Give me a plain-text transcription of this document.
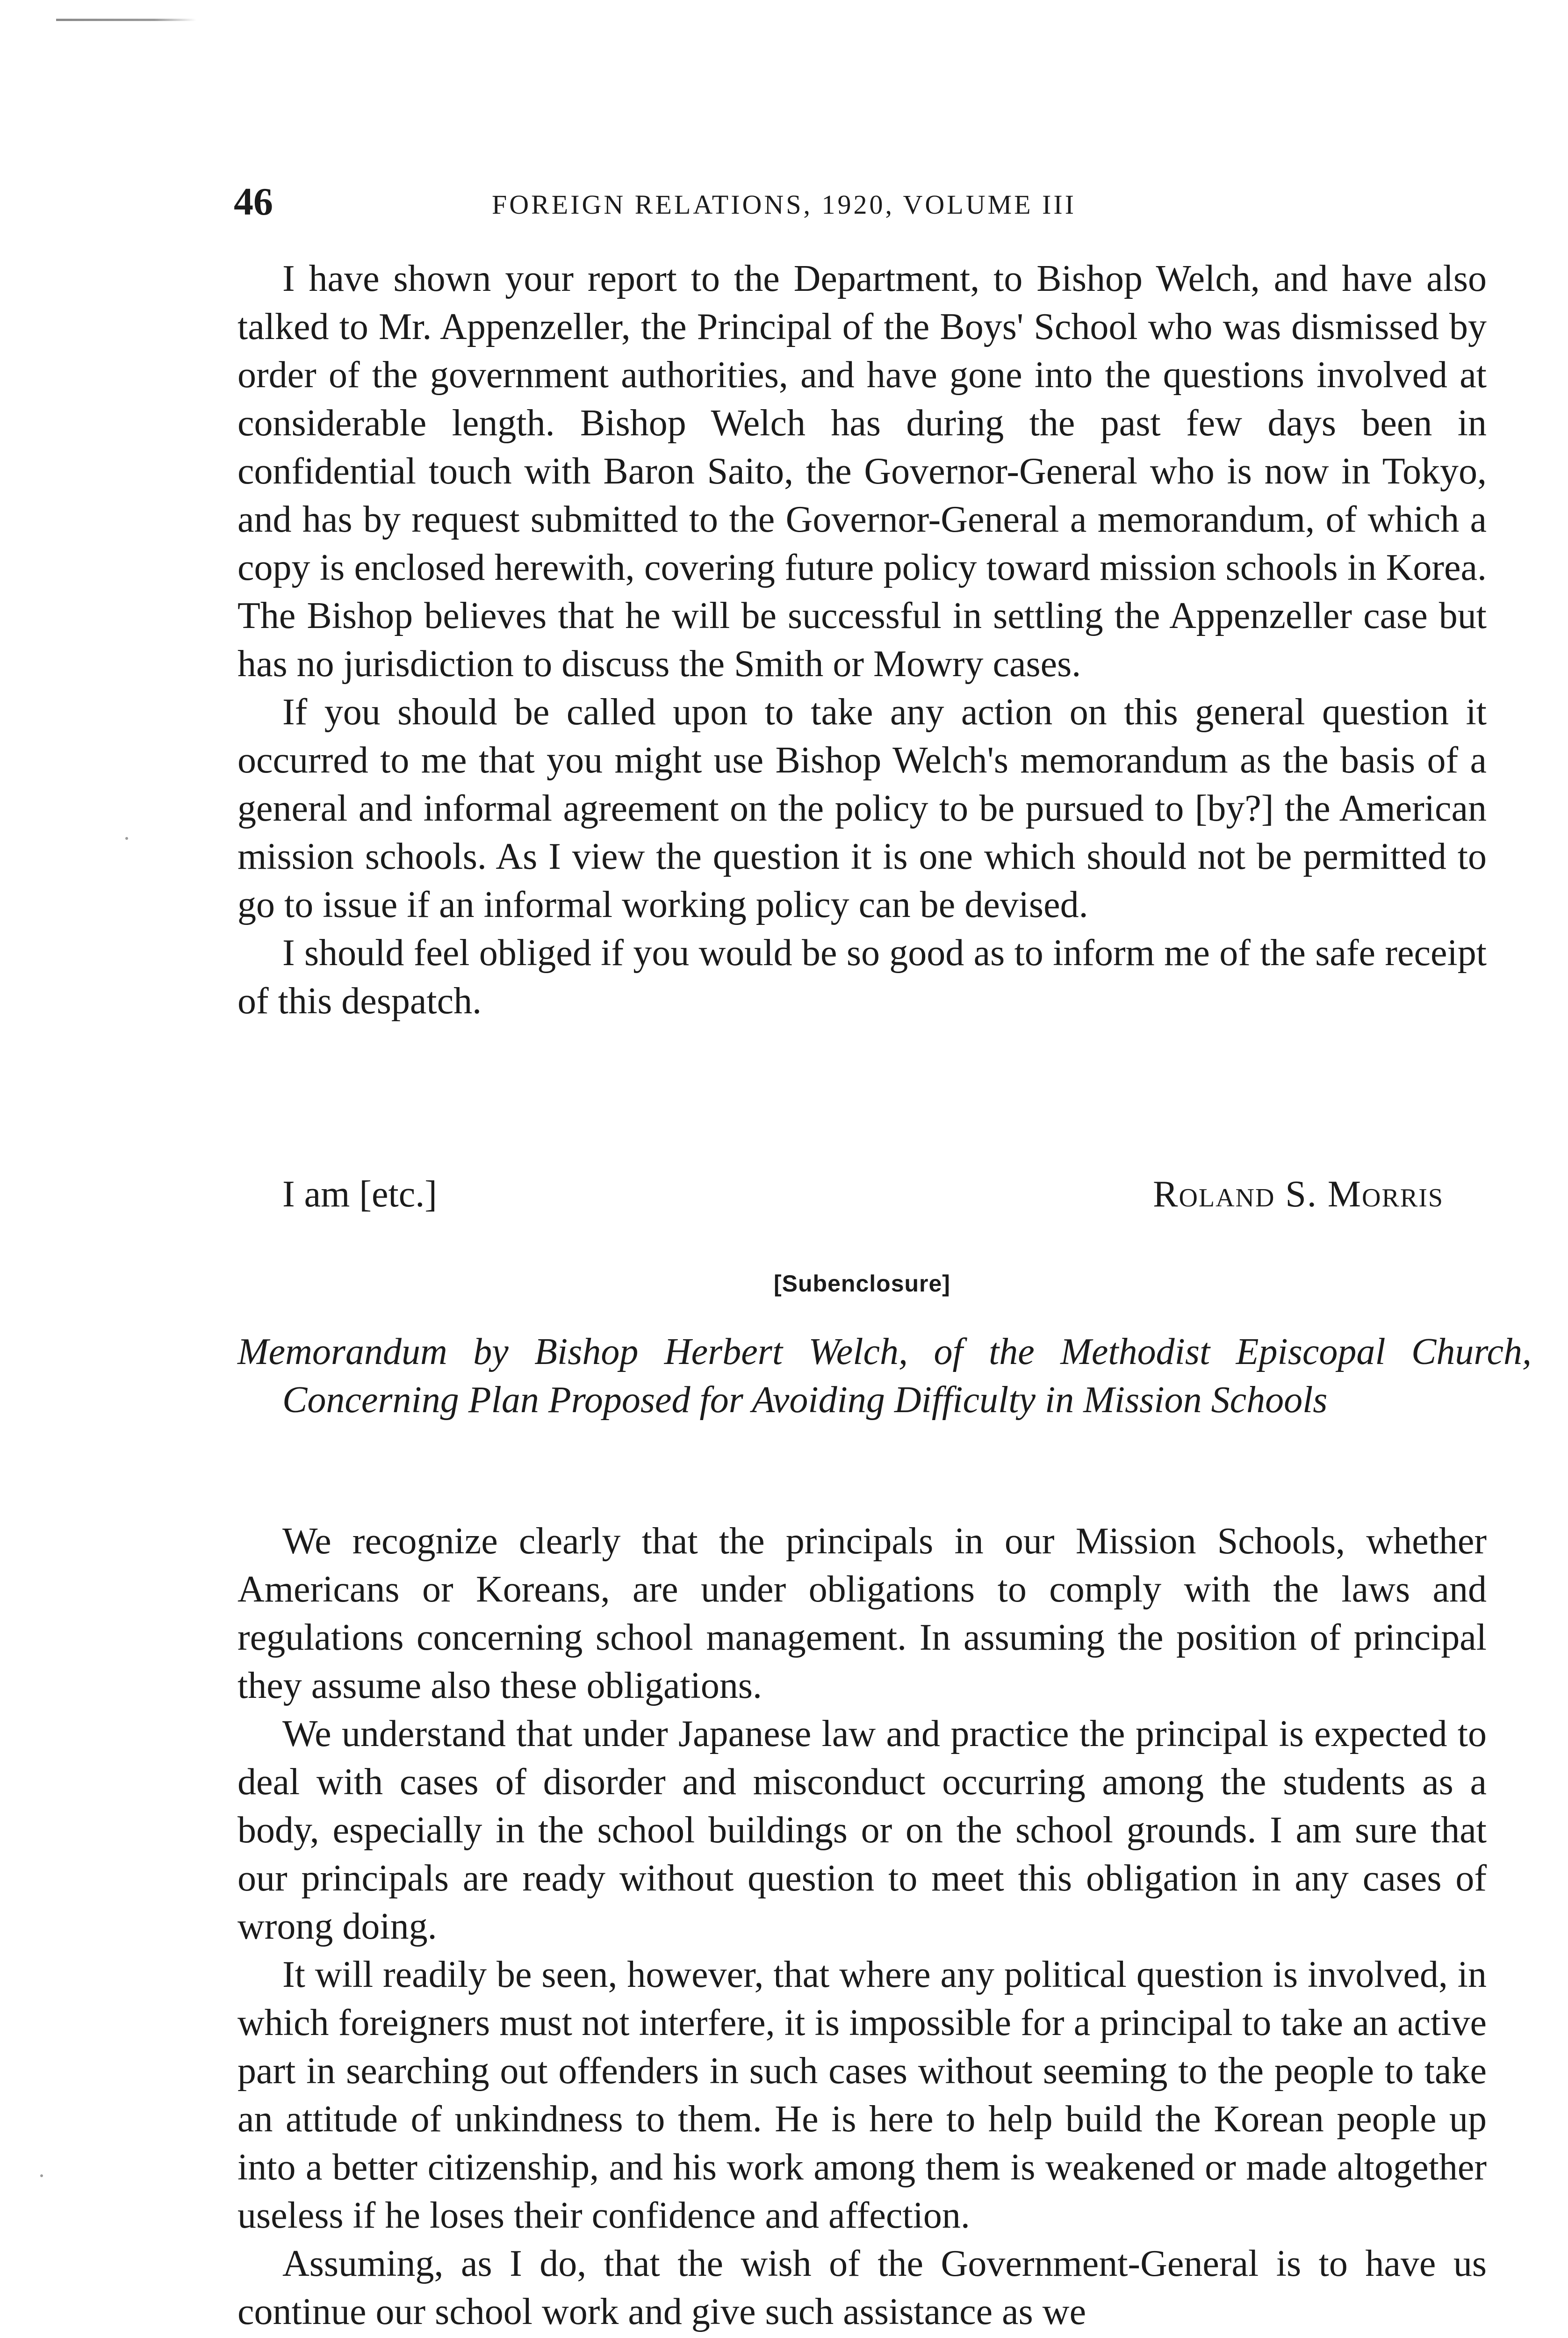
46	FOREIGN RELATIONS, 1920, VOLUME III

I have shown your report to the Department, to Bishop Welch, and have also talked to Mr. Appenzeller, the Principal of the Boys' School who was dismissed by order of the government authorities, and have gone into the questions involved at considerable length. Bishop Welch has during the past few days been in confidential touch with Baron Saito, the Governor-General who is now in Tokyo, and has by request submitted to the Governor-General a memorandum, of which a copy is enclosed herewith, covering future policy toward mission schools in Korea. The Bishop believes that he will be successful in settling the Appenzeller case but has no jurisdiction to discuss the Smith or Mowry cases.

If you should be called upon to take any action on this general question it occurred to me that you might use Bishop Welch's memorandum as the basis of a general and informal agreement on the policy to be pursued to [by?] the American mission schools. As I view the question it is one which should not be permitted to go to issue if an informal working policy can be devised.

I should feel obliged if you would be so good as to inform me of the safe receipt of this despatch.

I am [etc.]	Roland S. Morris
[Subenclosure]
Memorandum by Bishop Herbert Welch, of the Methodist Episcopal Church, Concerning Plan Proposed for Avoiding Difficulty in Mission Schools

We recognize clearly that the principals in our Mission Schools, whether Americans or Koreans, are under obligations to comply with the laws and regulations concerning school management. In assuming the position of principal they assume also these obligations.

We understand that under Japanese law and practice the principal is expected to deal with cases of disorder and misconduct occurring among the students as a body, especially in the school buildings or on the school grounds. I am sure that our principals are ready without question to meet this obligation in any cases of wrong doing.

It will readily be seen, however, that where any political question is involved, in which foreigners must not interfere, it is impossible for a principal to take an active part in searching out offenders in such cases without seeming to the people to take an attitude of unkindness to them. He is here to help build the Korean people up into a better citizenship, and his work among them is weakened or made altogether useless if he loses their confidence and affection.

Assuming, as I do, that the wish of the Government-General is to have us continue our school work and give such assistance as we
